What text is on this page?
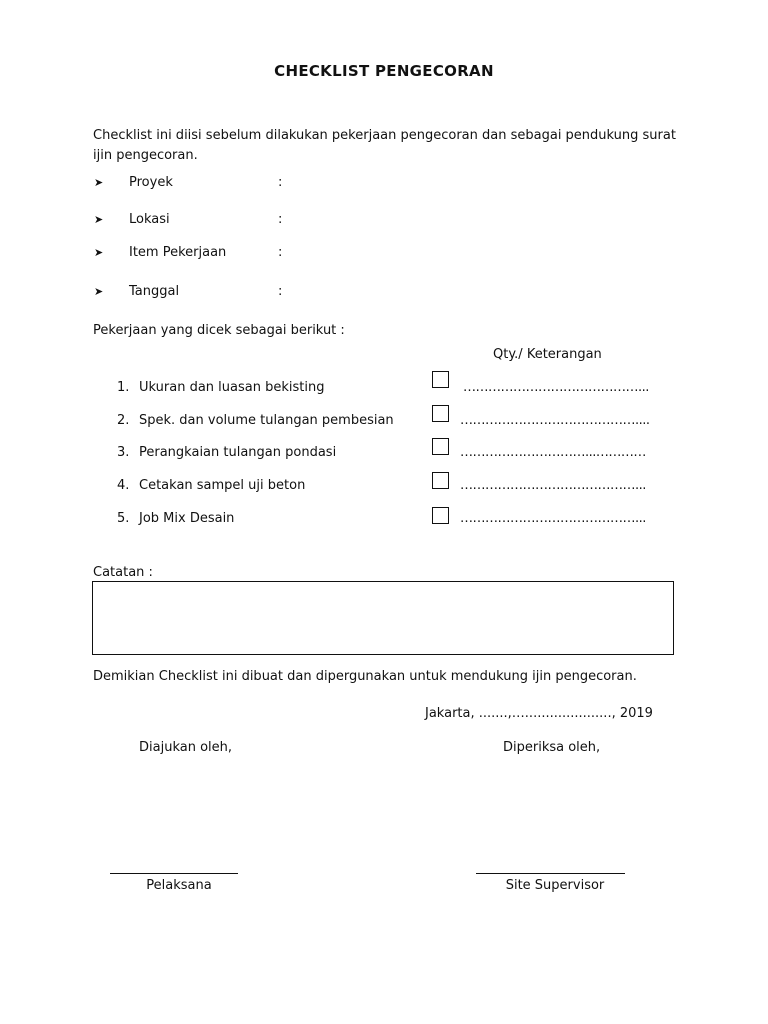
CHECKLIST PENGECORAN
Checklist ini diisi sebelum dilakukan pekerjaan pengecoran dan sebagai pendukung surat ijin pengecoran.
➤ Proyek	:
➤ Lokasi	:
➤ Item Pekerjaan	:
➤ Tanggal	:
Pekerjaan yang dicek sebagai berikut :
Qty./ Keterangan
1. Ukuran dan luasan bekisting	……………………………………...
2. Spek. dan volume tulangan pembesian	……………………………………....
3. Perangkaian tulangan pondasi	…………………………...…………
4. Cetakan sampel uji beton	……………………………………...
5. Job Mix Desain	……………………………………...
Catatan :
Demikian Checklist ini dibuat dan dipergunakan untuk mendukung ijin pengecoran.
Jakarta, .......,…....................., 2019
Diajukan oleh,	Diperiksa oleh,
Pelaksana	Site Supervisor
